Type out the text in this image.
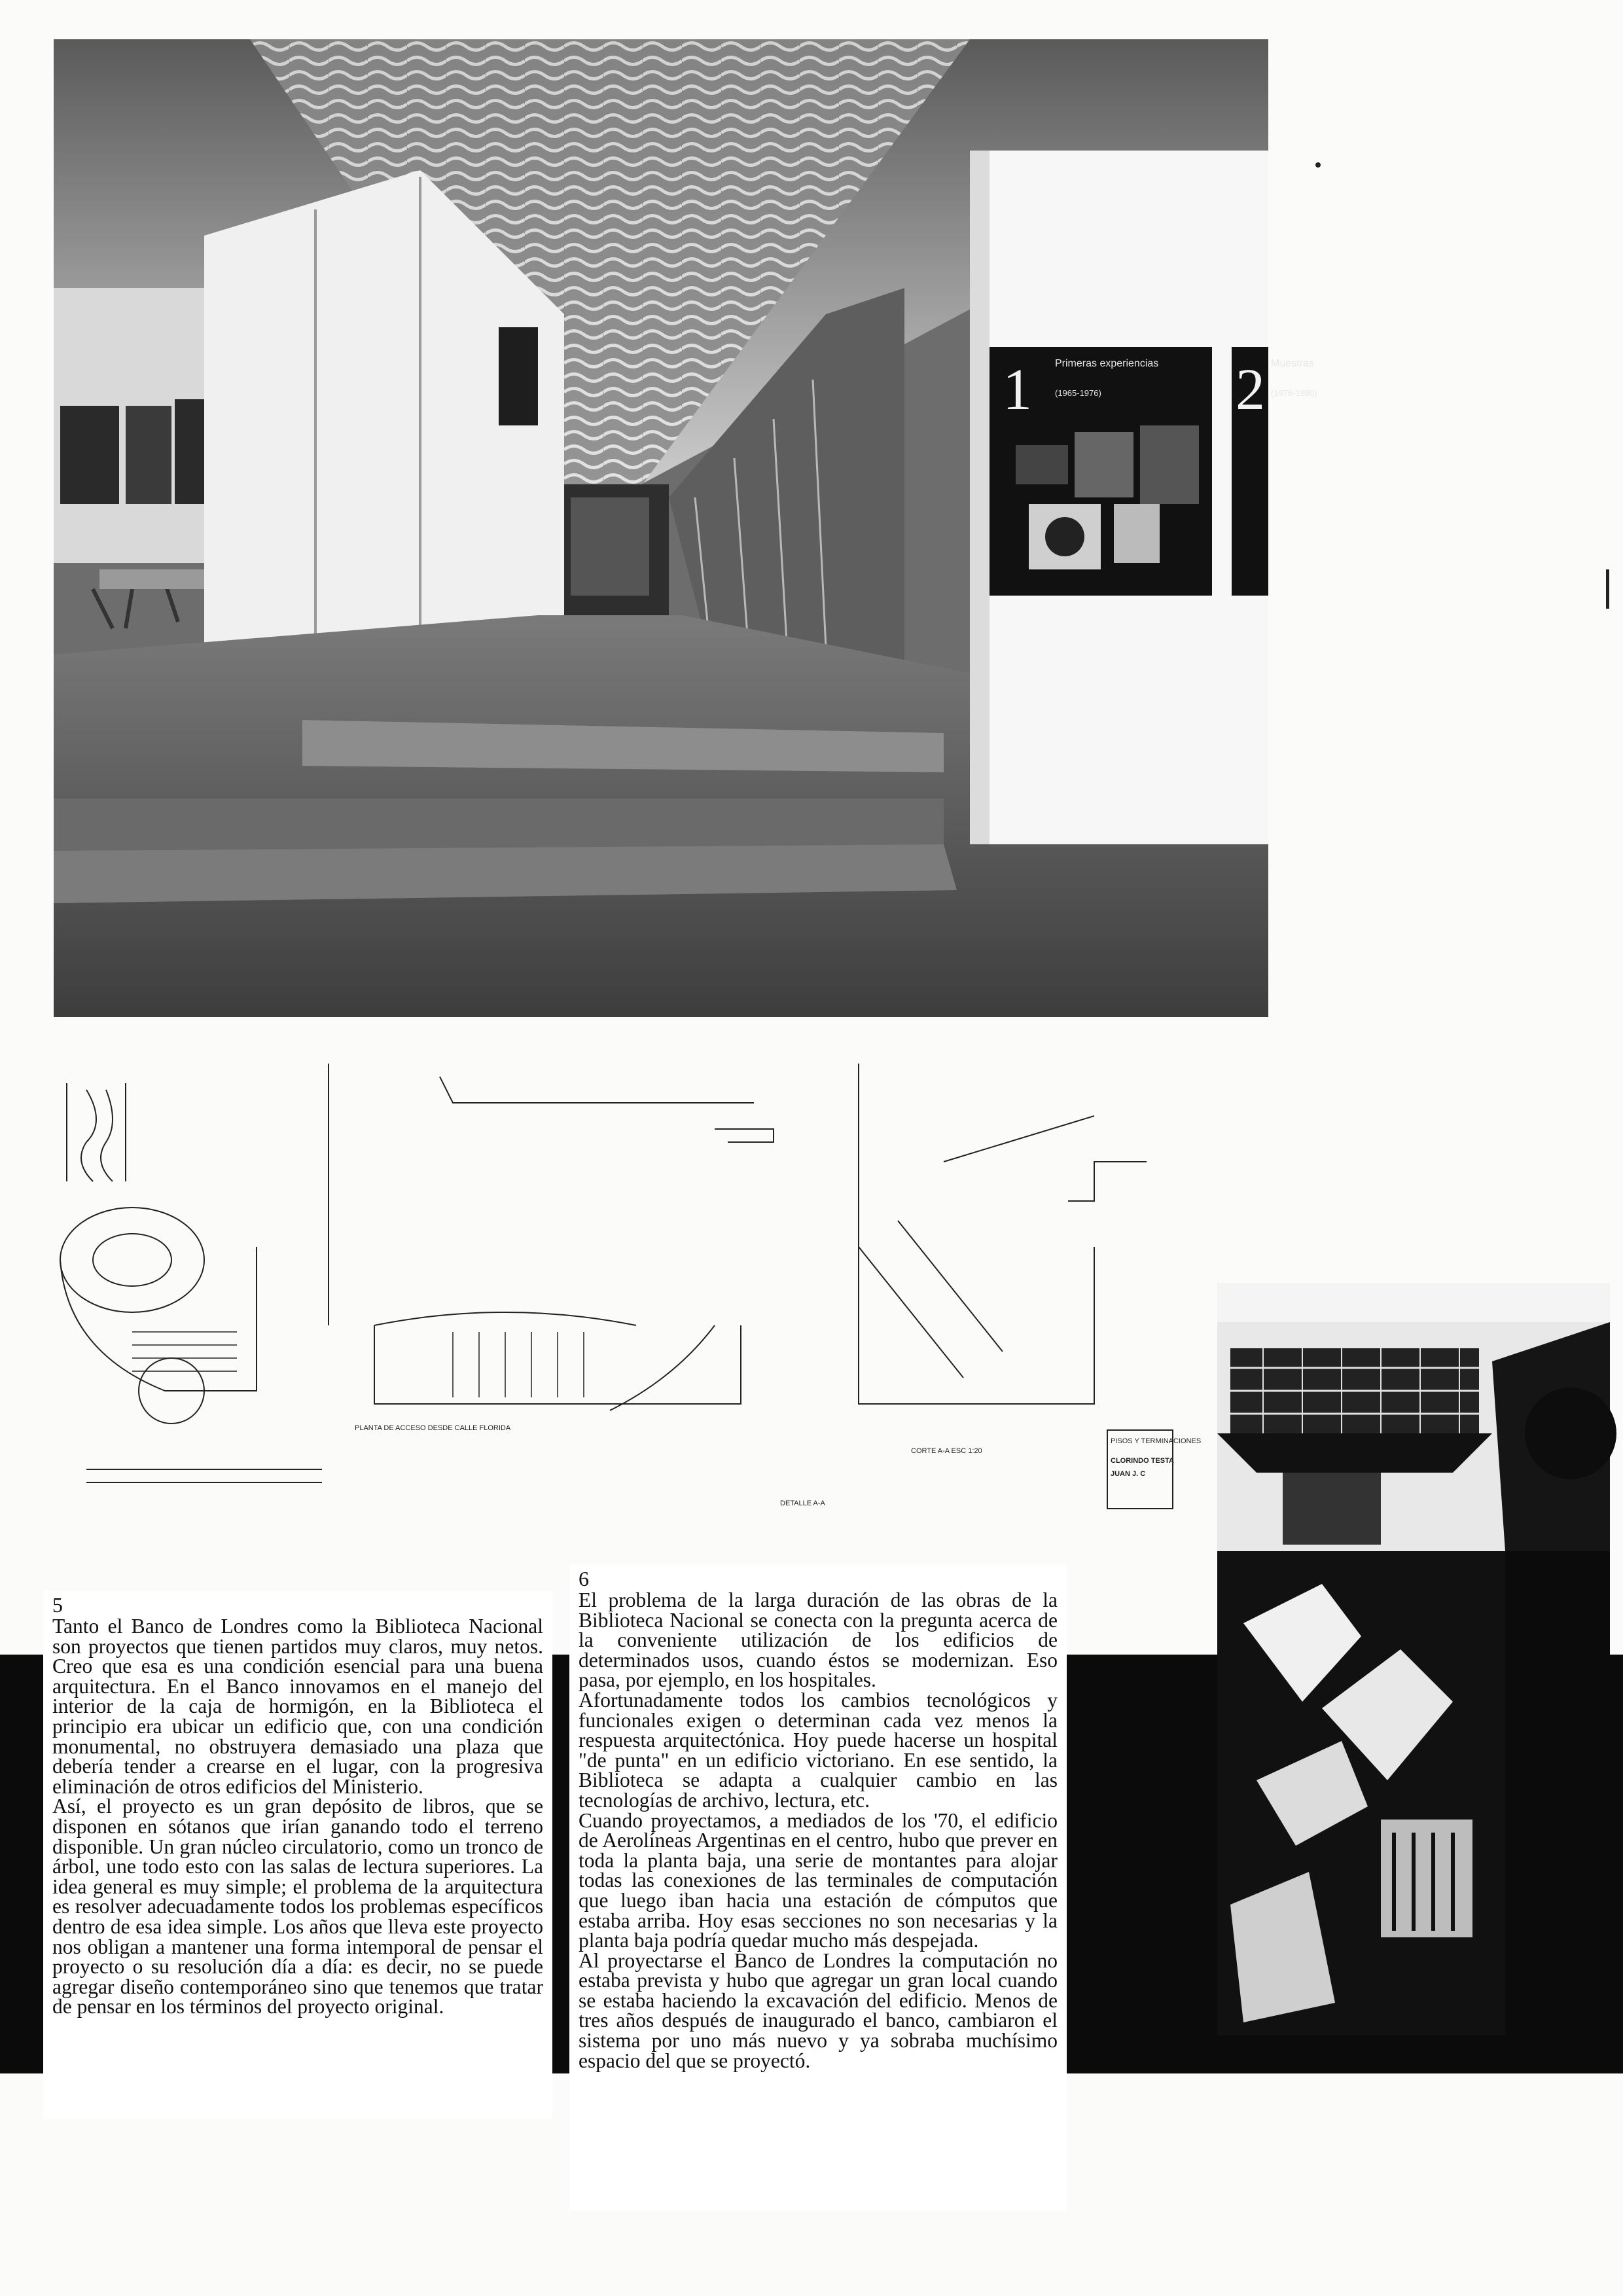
1 Primeras experiencias
(1965-1976) 2 Muestras
(1976-1980)
PLANTA DE ACCESO DESDE CALLE FLORIDA
DETALLE A-A
CORTE A-A ESC 1:20
PISOS Y TERMINACIONES
CLORINDO TESTA
JUAN J. C
5

Tanto el Banco de Londres como la Biblioteca Nacional son proyectos que tienen partidos muy claros, muy netos. Creo que esa es una condición esencial para una buena arquitectura. En el Banco innovamos en el manejo del interior de la caja de hormigón, en la Biblioteca el principio era ubicar un edificio que, con una condición monumental, no obstruyera demasiado una plaza que debería tender a crearse en el lugar, con la progresiva eliminación de otros edificios del Ministerio.

Así, el proyecto es un gran depósito de libros, que se disponen en sótanos que irían ganando todo el terreno disponible. Un gran núcleo circulatorio, como un tronco de árbol, une todo esto con las salas de lectura superiores. La idea general es muy simple; el problema de la arquitectura es resolver adecuadamente todos los problemas específicos dentro de esa idea simple. Los años que lleva este proyecto nos obligan a mantener una forma intemporal de pensar el proyecto o su resolución día a día: es decir, no se puede agregar diseño contemporáneo sino que tenemos que tratar de pensar en los términos del proyecto original.

6

El problema de la larga duración de las obras de la Biblioteca Nacional se conecta con la pregunta acerca de la conveniente utilización de los edificios de determinados usos, cuando éstos se modernizan. Eso pasa, por ejemplo, en los hospitales.

Afortunadamente todos los cambios tecnológicos y funcionales exigen o determinan cada vez menos la respuesta arquitectónica. Hoy puede hacerse un hospital "de punta" en un edificio victoriano. En ese sentido, la Biblioteca se adapta a cualquier cambio en las tecnologías de archivo, lectura, etc.

Cuando proyectamos, a mediados de los '70, el edificio de Aerolíneas Argentinas en el centro, hubo que prever en toda la planta baja, una serie de montantes para alojar todas las conexiones de las terminales de computación que luego iban hacia una estación de cómputos que estaba arriba. Hoy esas secciones no son necesarias y la planta baja podría quedar mucho más despejada.

Al proyectarse el Banco de Londres la computación no estaba prevista y hubo que agregar un gran local cuando se estaba haciendo la excavación del edificio. Menos de tres años después de inaugurado el banco, cambiaron el sistema por uno más nuevo y ya sobraba muchísimo espacio del que se proyectó.
